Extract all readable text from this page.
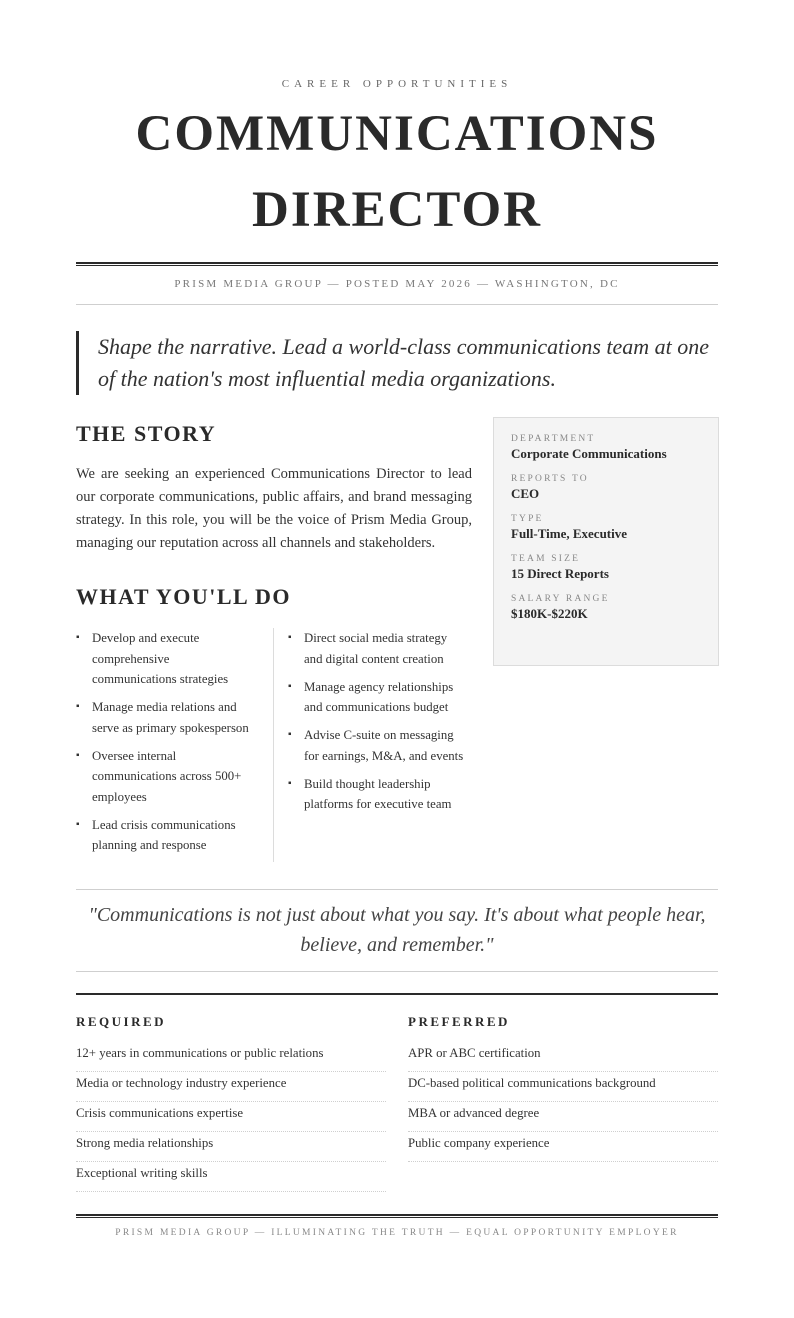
CAREER OPPORTUNITIES
COMMUNICATIONS
DIRECTOR
PRISM MEDIA GROUP — POSTED MAY 2026 — WASHINGTON, DC
Shape the narrative. Lead a world-class communications team at one of the nation's most influential media organizations.
THE STORY

We are seeking an experienced Communications Director to lead our corporate communications, public affairs, and brand messaging strategy. In this role, you will be the voice of Prism Media Group, managing our reputation across all channels and stakeholders.

DEPARTMENT
Corporate Communications
REPORTS TO
CEO
TYPE
Full-Time, Executive
TEAM SIZE
15 Direct Reports
SALARY RANGE
$180K-$220K
WHAT YOU'LL DO
▪ Develop and execute comprehensive communications strategies
▪ Manage media relations and serve as primary spokesperson
▪ Oversee internal communications across 500+ employees
▪ Lead crisis communications planning and response
▪ Direct social media strategy and digital content creation
▪ Manage agency relationships and communications budget
▪ Advise C-suite on messaging for earnings, M&A, and events
▪ Build thought leadership platforms for executive team

"Communications is not just about what you say. It's about what people hear, believe, and remember."

REQUIRED
12+ years in communications or public relations
Media or technology industry experience
Crisis communications expertise
Strong media relationships
Exceptional writing skills
PREFERRED
APR or ABC certification
DC-based political communications background
MBA or advanced degree
Public company experience
PRISM MEDIA GROUP — ILLUMINATING THE TRUTH — EQUAL OPPORTUNITY EMPLOYER
